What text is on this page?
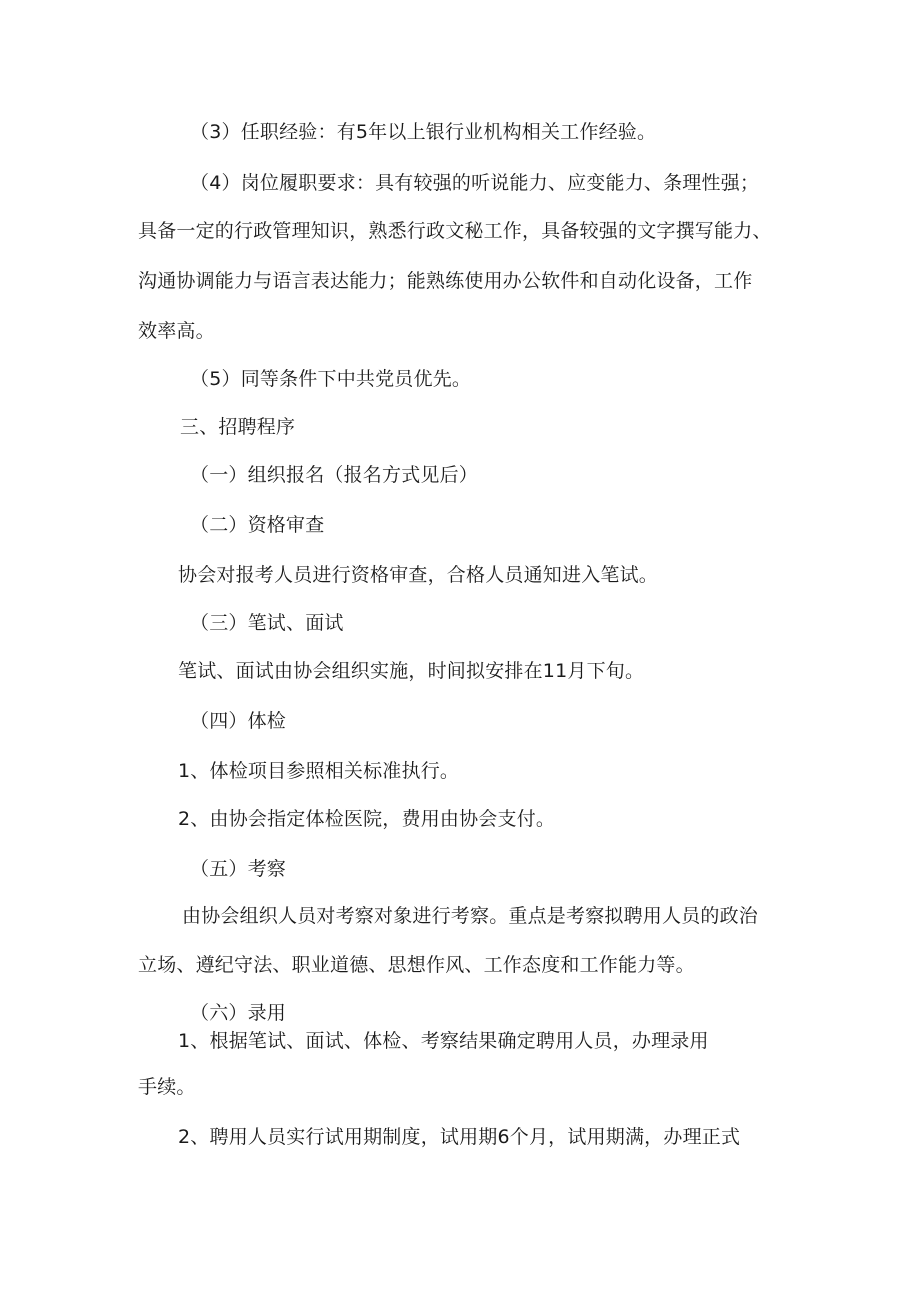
（3）任职经验：有5年以上银行业机构相关工作经验。
（4）岗位履职要求：具有较强的听说能力、应变能力、条理性强；
具备一定的行政管理知识，熟悉行政文秘工作，具备较强的文字撰写能力、
沟通协调能力与语言表达能力；能熟练使用办公软件和自动化设备，工作
效率高。
（5）同等条件下中共党员优先。
三、招聘程序
（一）组织报名（报名方式见后）
（二）资格审查
协会对报考人员进行资格审查，合格人员通知进入笔试。
（三）笔试、面试
笔试、面试由协会组织实施，时间拟安排在11月下旬。
（四）体检
1、体检项目参照相关标准执行。
2、由协会指定体检医院，费用由协会支付。
（五）考察
由协会组织人员对考察对象进行考察。重点是考察拟聘用人员的政治
立场、遵纪守法、职业道德、思想作风、工作态度和工作能力等。
（六）录用
1、根据笔试、面试、体检、考察结果确定聘用人员，办理录用
手续。
2、聘用人员实行试用期制度，试用期6个月，试用期满，办理正式
